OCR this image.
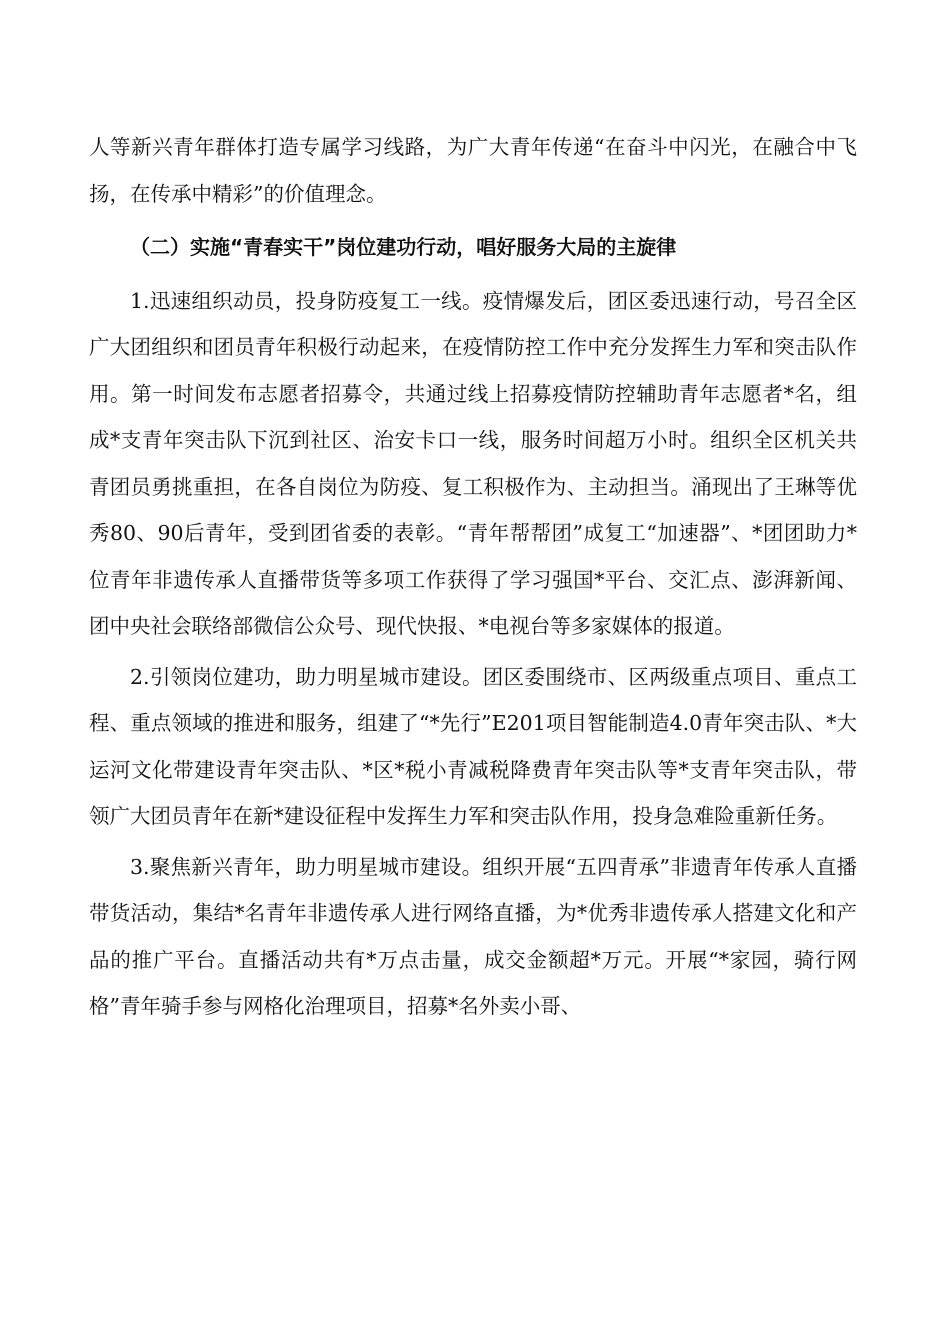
人等新兴青年群体打造专属学习线路，为广大青年传递“在奋斗中闪光，在融合中飞扬，在传承中精彩”的价值理念。

（二）实施“青春实干”岗位建功行动，唱好服务大局的主旋律

1.迅速组织动员，投身防疫复工一线。疫情爆发后，团区委迅速行动，号召全区广大团组织和团员青年积极行动起来，在疫情防控工作中充分发挥生力军和突击队作用。第一时间发布志愿者招募令，共通过线上招募疫情防控辅助青年志愿者*名，组成*支青年突击队下沉到社区、治安卡口一线，服务时间超万小时。组织全区机关共青团员勇挑重担，在各自岗位为防疫、复工积极作为、主动担当。涌现出了王琳等优秀80、90后青年，受到团省委的表彰。“青年帮帮团”成复工“加速器”、*团团助力*位青年非遗传承人直播带货等多项工作获得了学习强国*平台、交汇点、澎湃新闻、团中央社会联络部微信公众号、现代快报、*电视台等多家媒体的报道。

2.引领岗位建功，助力明星城市建设。团区委围绕市、区两级重点项目、重点工程、重点领域的推进和服务，组建了“*先行”E201项目智能制造4.0青年突击队、*大运河文化带建设青年突击队、*区*税小青减税降费青年突击队等*支青年突击队，带领广大团员青年在新*建设征程中发挥生力军和突击队作用，投身急难险重新任务。

3.聚焦新兴青年，助力明星城市建设。组织开展“五四青承”非遗青年传承人直播带货活动，集结*名青年非遗传承人进行网络直播，为*优秀非遗传承人搭建文化和产品的推广平台。直播活动共有*万点击量，成交金额超*万元。开展“*家园，骑行网格”青年骑手参与网格化治理项目，招募*名外卖小哥、
